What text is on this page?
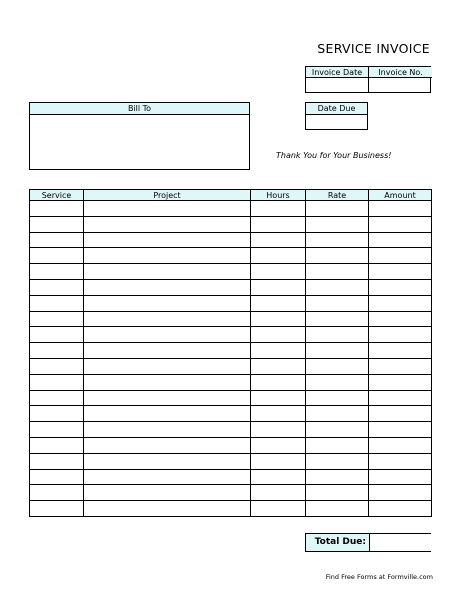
SERVICE INVOICE
Invoice Date	Invoice No.
Bill To	Date Due
Thank You for Your Business!
Service	Project	Hours	Rate	Amount

Total Due:
Find Free Forms at Formville.com
